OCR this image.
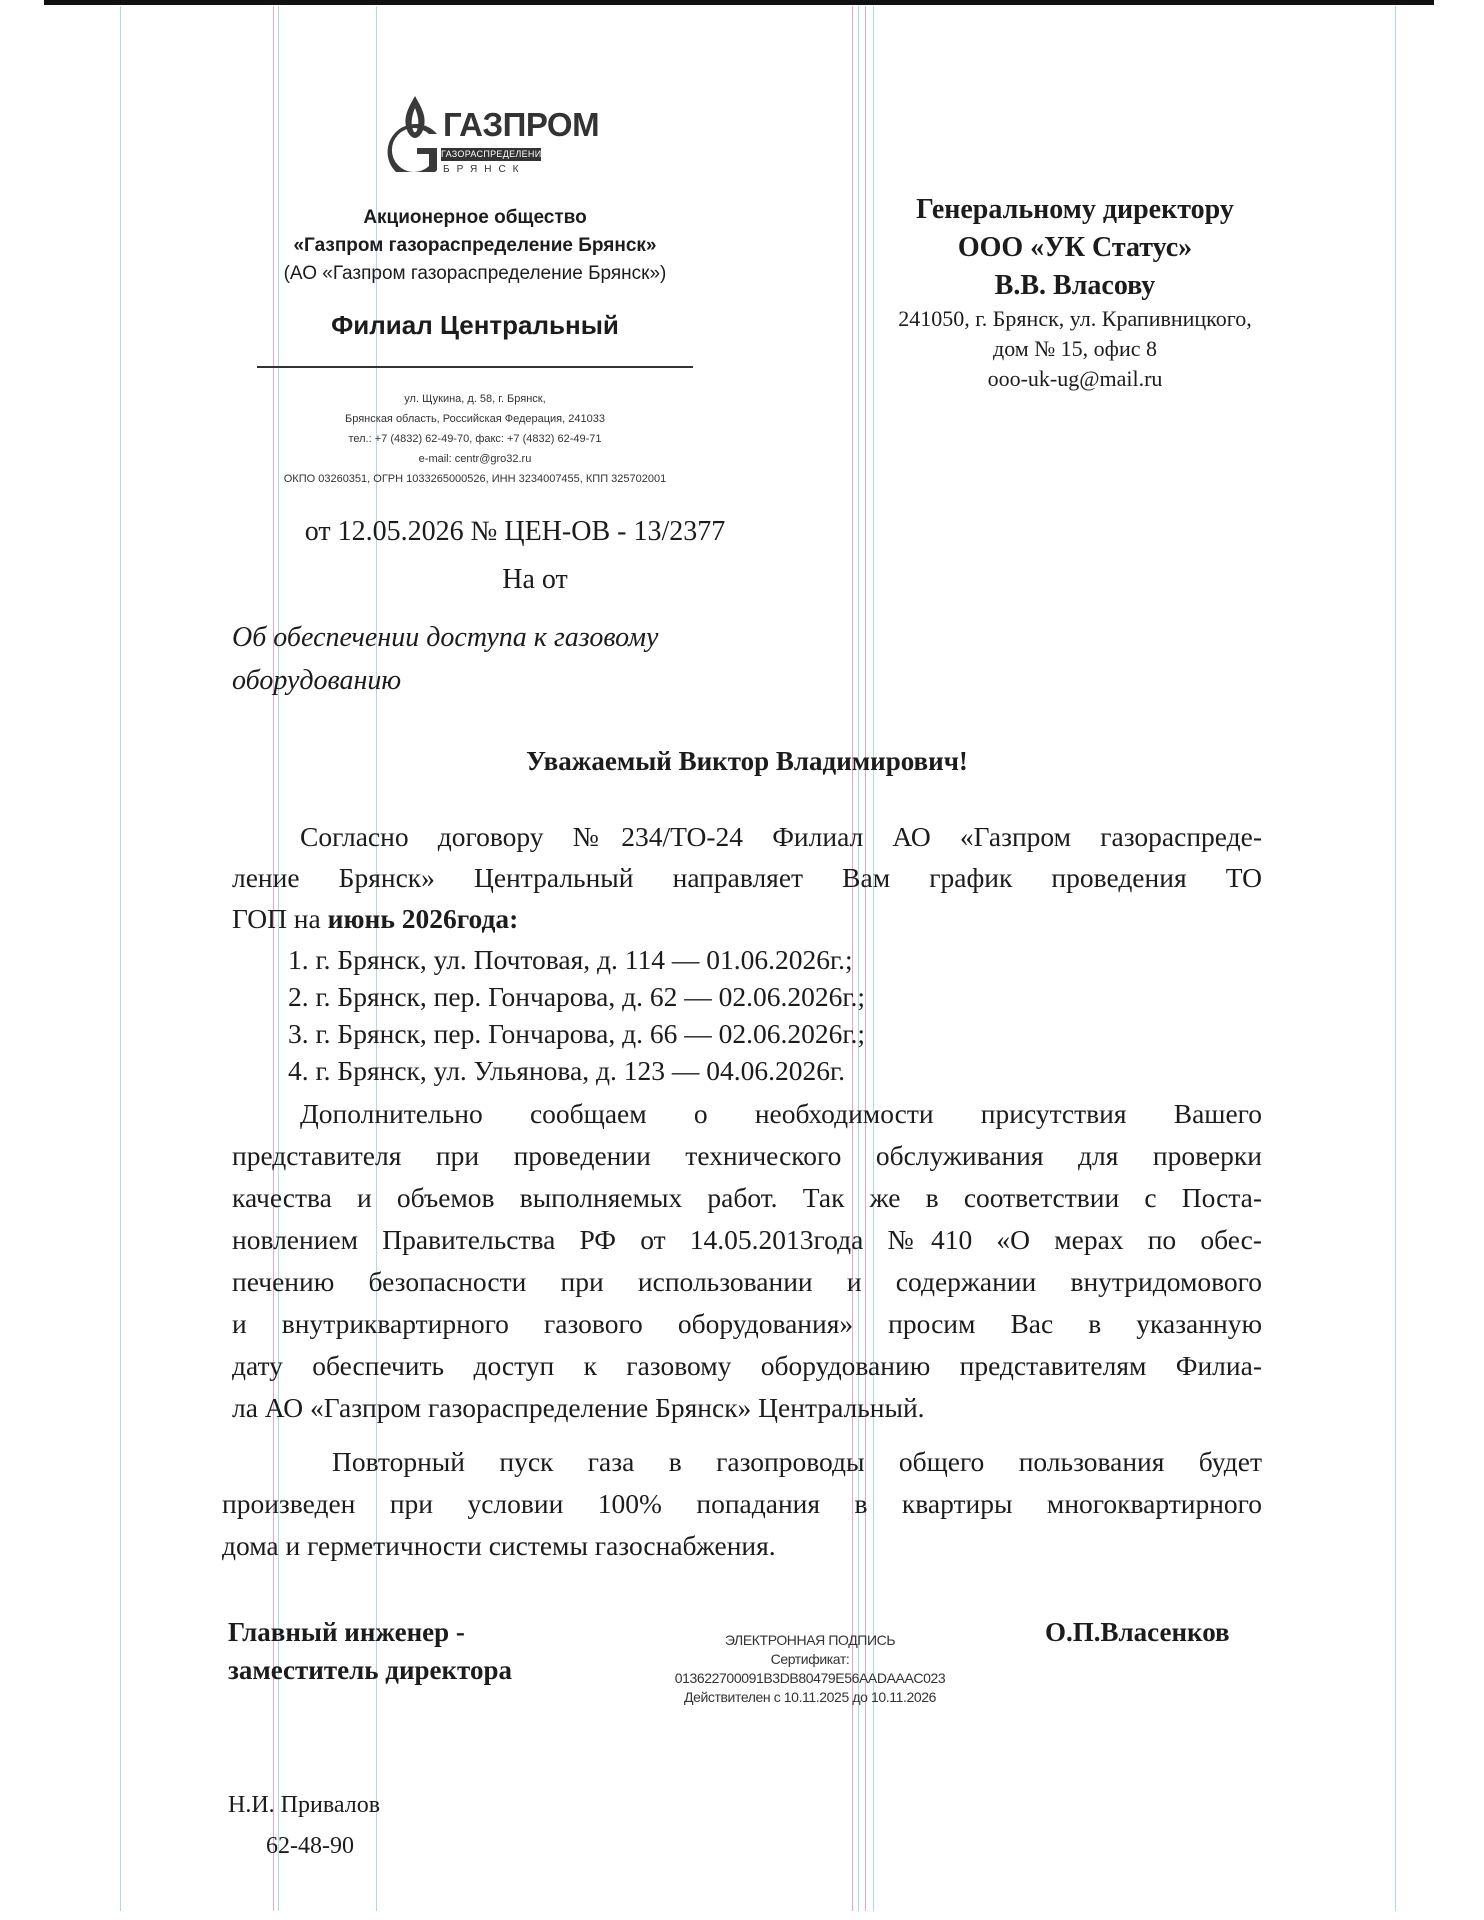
ГАЗПРОМ
ГАЗОРАСПРЕДЕЛЕНИЕ
БРЯНСК
Акционерное общество
«Газпром газораспределение Брянск»
(АО «Газпром газораспределение Брянск»)
Филиал Центральный
ул. Щукина, д. 58, г. Брянск,
Брянская область, Российская Федерация, 241033
тел.: +7 (4832) 62-49-70, факс: +7 (4832) 62-49-71
e-mail: centr@gro32.ru
ОКПО 03260351, ОГРН 1033265000526, ИНН 3234007455, КПП 325702001
Генеральному директору
ООО «УК Статус»
В.В. Власову
241050, г. Брянск, ул. Крапивницкого,
дом № 15, офис 8
ooo-uk-ug@mail.ru
от 12.05.2026 № ЦЕН-ОВ - 13/2377
На от
Об обеспечении доступа к газовому
оборудованию
Уважаемый Виктор Владимирович!
Согласно договору №234/ТО-24 Филиал АО «Газпром газораспреде-
ление Брянск» Центральный направляет Вам график проведения ТО
ГОП на июнь 2026года:
1. г. Брянск, ул. Почтовая, д. 114 — 01.06.2026г.;
2. г. Брянск, пер. Гончарова, д. 62 — 02.06.2026г.;
3. г. Брянск, пер. Гончарова, д. 66 — 02.06.2026г.;
4. г. Брянск, ул. Ульянова, д. 123 — 04.06.2026г.
Дополнительно сообщаем о необходимости присутствия Вашего
представителя при проведении технического обслуживания для проверки
качества и объемов выполняемых работ. Так же в соответствии с Поста-
новлением Правительства РФ от 14.05.2013года №410 «О мерах по обес-
печению безопасности при использовании и содержании внутридомового
и внутриквартирного газового оборудования» просим Вас в указанную
дату обеспечить доступ к газовому оборудованию представителям Филиа-
ла АО «Газпром газораспределение Брянск» Центральный.
Повторный пуск газа в газопроводы общего пользования будет
произведен при условии 100% попадания в квартиры многоквартирного
дома и герметичности системы газоснабжения.
Главный инженер -
заместитель директора
О.П.Власенков
ЭЛЕКТРОННАЯ ПОДПИСЬ
Сертификат:
013622700091B3DB80479E56AADAAAC023
Действителен с 10.11.2025 до 10.11.2026
Н.И. Привалов
62-48-90
